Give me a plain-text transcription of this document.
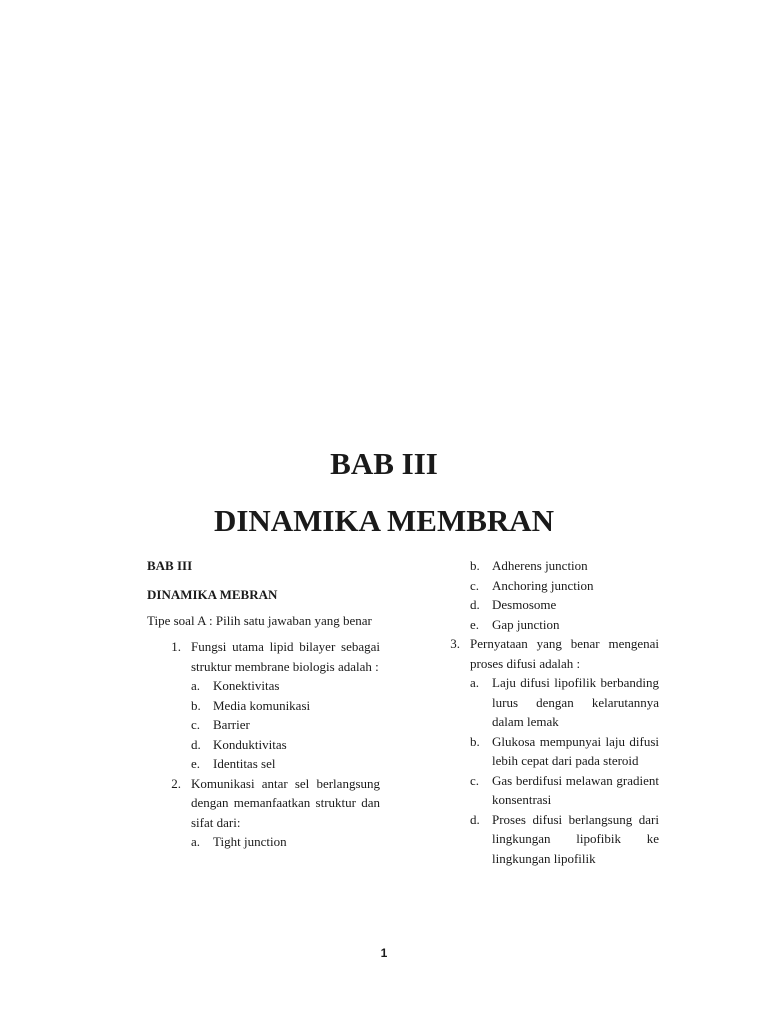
BAB III
DINAMIKA MEMBRAN

BAB III

DINAMIKA MEBRAN

Tipe soal A : Pilih satu jawaban yang benar

1. Fungsi utama lipid bilayer sebagai struktur membrane biologis adalah :
a. Konektivitas
b. Media komunikasi
c. Barrier
d. Konduktivitas
e. Identitas sel
2. Komunikasi antar sel berlangsung dengan memanfaatkan struktur dan sifat dari:
a. Tight junction
b. Adherens junction
c. Anchoring junction
d. Desmosome
e. Gap junction
3. Pernyataan yang benar mengenai proses difusi adalah :
a. Laju difusi lipofilik berbanding lurus dengan kelarutannya dalam lemak
b. Glukosa mempunyai laju difusi lebih cepat dari pada steroid
c. Gas berdifusi melawan gradient konsentrasi
d. Proses difusi berlangsung dari lingkungan lipofibik ke lingkungan lipofilik
1
